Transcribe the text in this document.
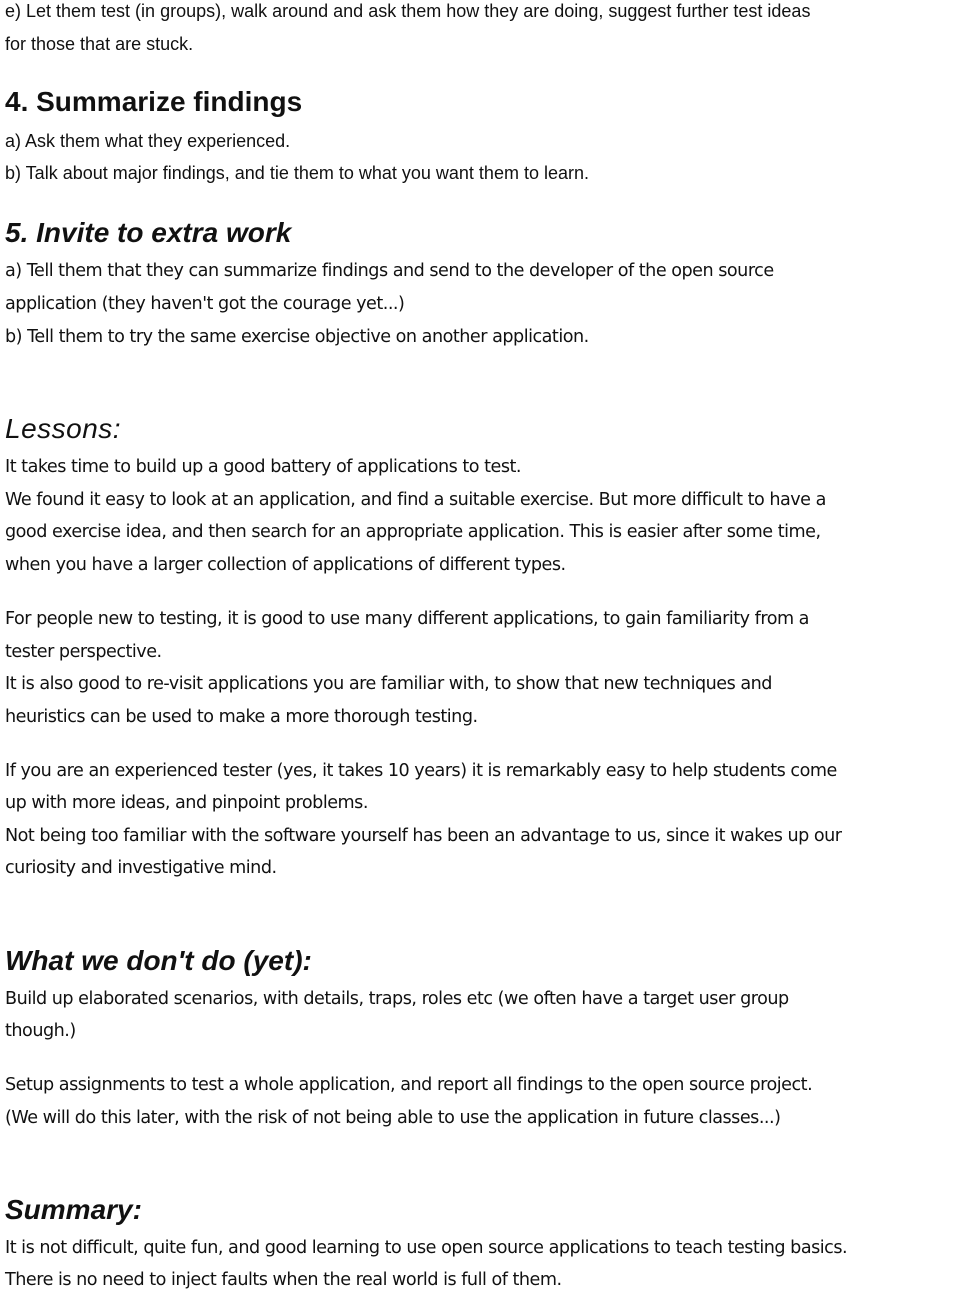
e) Let them test (in groups), walk around and ask them how they are doing, suggest further test ideas

for those that are stuck.

4. Summarize findings

a) Ask them what they experienced.

b) Talk about major findings, and tie them to what you want them to learn.

5. Invite to extra work

a) Tell them that they can summarize findings and send to the developer of the open source

application (they haven't got the courage yet...)

b) Tell them to try the same exercise objective on another application.

Lessons:

It takes time to build up a good battery of applications to test.

We found it easy to look at an application, and find a suitable exercise. But more difficult to have a

good exercise idea, and then search for an appropriate application. This is easier after some time,

when you have a larger collection of applications of different types.

For people new to testing, it is good to use many different applications, to gain familiarity from a

tester perspective.

It is also good to re-visit applications you are familiar with, to show that new techniques and

heuristics can be used to make a more thorough testing.

If you are an experienced tester (yes, it takes 10 years) it is remarkably easy to help students come

up with more ideas, and pinpoint problems.

Not being too familiar with the software yourself has been an advantage to us, since it wakes up our

curiosity and investigative mind.

What we don't do (yet):

Build up elaborated scenarios, with details, traps, roles etc (we often have a target user group

though.)

Setup assignments to test a whole application, and report all findings to the open source project.

(We will do this later, with the risk of not being able to use the application in future classes...)

Summary:

It is not difficult, quite fun, and good learning to use open source applications to teach testing basics.

There is no need to inject faults when the real world is full of them.
